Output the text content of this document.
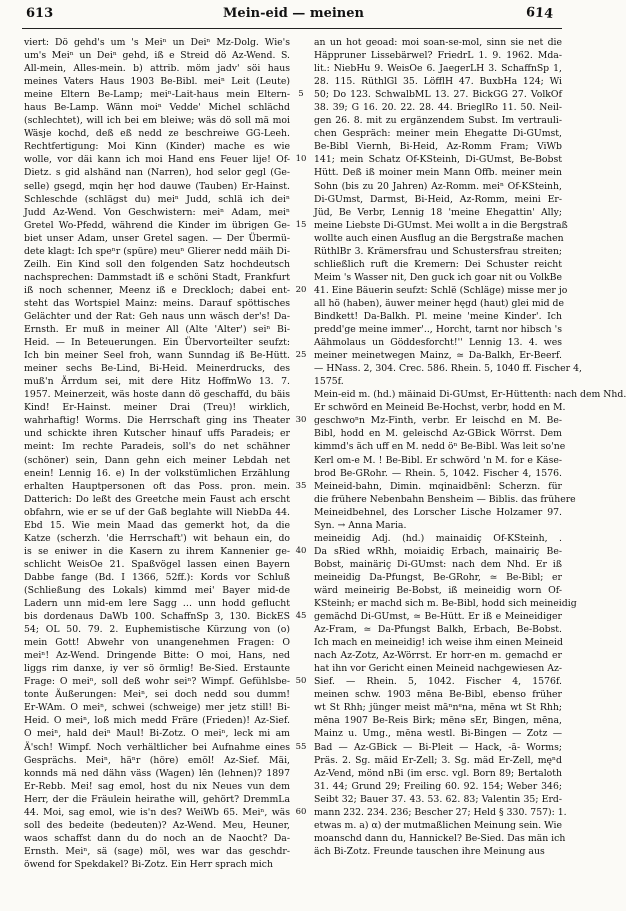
613	Mein-eid — meinen	614
viert: Dö gehd's um 's Meiⁿ un Deiⁿ Mz-Dolg. Wie's
um's Meiⁿ un Deiⁿ gehd, iß e Streid dö Az-Wend. S.
All-mein, Alles-mein. b) attrib. möm jadv' söi haus
meines Vaters Haus 1903 Be-Bibl. meiⁿ Leit (Leute)
meine Eltern Be-Lamp; meiⁿ-Lait-haus mein Eltern-
haus Be-Lamp. Wänn moiⁿ Vedde' Michel schlächd
(schlechtet), will ich bei em bleiwe; wäs dö soll mä moi
Wäsje kochd, deß eß nedd ze beschreiwe GG-Leeh.
Rechtfertigung: Moi Kinn (Kinder) mache es wie
wolle, vor däi kann ich moi Hand ens Feuer lije! Of-
Dietz. s gid alshänd nan (Narren), hod selor gegl (Ge-
selle) gsegd, mqin hęr hod dauwe (Tauben) Er-Hainst.
Schleschde (schlägst du) meiⁿ Judd, schlä ich deiⁿ
Judd Az-Wend. Von Geschwistern: meiⁿ Adam, meiⁿ
Gretel Wo-Pfedd, während die Kinder im übrigen Ge-
biet unser Adam, unser Gretel sagen. — Der Übermü-
dete klagt: Ich speⁿr (spüre) meuⁿ Glierer nedd mäih Di-
Zeilh. Ein Kind soll den folgenden Satz hochdeutsch
nachsprechen: Dammstadt iß e schöni Stadt, Frankfurt
iß noch schenner, Meenz iß e Dreckloch; dabei ent-
steht das Wortspiel Mainz: meins. Darauf spöttisches
Gelächter und der Rat: Geh naus unn wäsch der's! Da-
Ernsth. Er muß in meiner All (Alte 'Alter') seiⁿ Bi-
Heid. — In Beteuerungen. Ein Übervorteilter seufzt:
Ich bin meiner Seel froh, wann Sunndag iß Be-Hütt.
meiner sechs Be-Lind, Bi-Heid. Meinerdrucks, des
muß'n Ärrdum sei, mit dere Hitz HoffmWo 13. 7.
1957. Meinerzeit, wäs hoste dann dö geschaffd, du bäis
Kind! Er-Hainst. meiner Drai (Treu)! wirklich,
wahrhaftig! Worms. Die Herrschaft ging ins Theater
und schickte ihren Kutscher hinauf uffs Paradeis; er
meint: Im rechte Paradeis, soll's do net schähner
(schöner) sein, Dann gehn eich meiner Lebdah net
enein! Lennig 16. e) In der volkstümlichen Erzählung
erhalten Hauptpersonen oft das Poss. pron. mein.
Datterich: Do leßt des Greetche mein Faust ach erscht
obfahrn, wie er se uf der Gaß beglahte will NiebDa 44.
Ebd 15. Wie mein Maad das gemerkt hot, da die
Katze (scherzh. 'die Herrschaft') wit behaun ein, do
is se eniwer in die Kasern zu ihrem Kannenier ge-
schlicht WeisOe 21. Spaßvögel lassen einen Bayern
Dabbe fange (Bd. I 1366, 52ff.): Kords vor Schluß
(Schließung des Lokals) kimmd mei' Bayer mid-de
Ladern unn mid-em lere Sagg … unn hodd geflucht
bis dordenaus DaWb 100. SchaffnSp 3, 130. BickES
54; OL 50. 79. 2. Euphemistische Kürzung von (o)
mein Gott! Abwehr von unangenehmen Fragen: O
meiⁿ! Az-Wend. Dringende Bitte: O moi, Hans, ned
liggs rim danxe, iy ver sö örmlig! Be-Sied. Erstaunte
Frage: O meiⁿ, soll deß wohr seiⁿ? Wimpf. Gefühlsbe-
tonte Äußerungen: Meiⁿ, sei doch nedd sou dumm!
Er-WAm. O meiⁿ, schwei (schweige) mer jetz still! Bi-
Heid. O meiⁿ, loß mich medd Fräre (Frieden)! Az-Sief.
O meiⁿ, hald deiⁿ Maul! Bi-Zotz. O meiⁿ, leck mi am
Ä'sch! Wimpf. Noch verhältlicher bei Aufnahme eines
Gesprächs. Meiⁿ, häⁿr (höre) emöl! Az-Sief. Mäi,
konnds mä ned dähn väss (Wagen) lēn (lehnen)? 1897
Er-Rebb. Mei! sag emol, host du nix Neues vun dem
Herr, der die Fräulein heirathe will, gehört? DremmLa
44. Moi, sag emol, wie is'n des? WeiWb 65. Meiⁿ, wäs
soll des bedeite (bedeuten)? Az-Wend. Meu, Heuner,
waos schaffst dann du do noch an de Naocht? Da-
Ernsth. Meiⁿ, sä (sage) möl, wes war das geschdr-
öwend for Spekdakel? Bi-Zotz. Ein Herr sprach mich
5
10
15
20
25
30
35
40
45
50
55
60
an un hot geoad: moi soan-se-mol, sinn sie net die
Häppruner Lissebärwel? FriedrL 1. 9. 1962. Mda-
lit.: NiebHu 9. WeisOe 6. JaegerLH 3. SchaffnSp 1,
28. 115. RüthlGl 35. LöfflH 47. BuxbHa 124; Wi
50; Do 123. SchwalbML 13. 27. BickGG 27. VolkOf
38. 39; G 16. 20. 22. 28. 44. BrieglRo 11. 50. Neil-
gen 26. 8. mit zu ergänzendem Subst. Im vertrauli-
chen Gespräch: meiner mein Ehegatte Di-GUmst,
Be-Bibl Viernh, Bi-Heid, Az-Romm Fram; ViWb
141; mein Schatz Of-KSteinh, Di-GUmst, Be-Bobst
Hütt. Deß iß moiner mein Mann Offb. meiner mein
Sohn (bis zu 20 Jahren) Az-Romm. meiⁿ Of-KSteinh,
Di-GUmst, Darmst, Bi-Heid, Az-Romm, meini Er-
Jüd, Be Verbr, Lennig 18 'meine Ehegattin' Ally;
meine Liebste Di-GUmst. Mei wollt a in die Bergstraß
wollte auch einen Ausflug an die Bergstraße machen
RüthlBr 3. Krämersfrau und Schustersfrau streiten;
schließlich ruft die Kremern: Dei Schuster reicht
Meim 's Wasser nit, Den guck ich goar nit ou VolkBe
41. Eine Bäuerin seufzt: Schlë (Schläge) misse mer jo
all hö (haben), äuwer meiner hęgd (haut) glei mid de
Bindkett! Da-Balkh. Pl. meine 'meine Kinder'. Ich
predd'ge meine immer'.., Horcht, tarnt nor hibsch 's
Aähmolaus un Göddesforcht!'' Lennig 13. 4. wes
meiner meinetwegen Mainz, ≃ Da-Balkh, Er-Beerf.
— HNass. 2, 304. Crec. 586. Rhein. 5, 1040 ff. Fischer 4,
1575f.
Mein-eid m. (hd.) mäinaid Di-GUmst, Er-Hüttenth: nach dem Nhd.
Er schwörd en Meineid Be-Hochst, verbr, hodd en M.
geschwoⁿn Mz-Finth, verbr. Er leischd en M. Be-
Bibl, hodd en M. geleischd Az-GBick Wörrst. Dem
kimmd's äch uff en M. nedd öⁿ Be-Bibl. Was leit so'ne
Kerl om-e M. ! Be-Bibl. Er schwörd 'n M. for e Käse-
brod Be-GRohr. — Rhein. 5, 1042. Fischer 4, 1576.
Meineid-bahn, Dimin. mqinaidbënl: Scherzn. für
die frühere Nebenbahn Bensheim — Biblis. das frühere
Meineidbehnel, des Lorscher Lische Holzamer 97.
Syn. → Anna Maria.
meineidig Adj. (hd.) mainaidiç Of-KSteinh, .
Da sRied wRhh, moiaidiç Erbach, mainairiç Be-
Bobst, mainäriç Di-GUmst: nach dem Nhd. Er iß
meineidig Da-Pfungst, Be-GRohr, ≃ Be-Bibl; er
wärd meineirig Be-Bobst, iß meineidig worn Of-
KSteinh; er machd sich m. Be-Bibl, hodd sich meineidig
gemächd Di-GUmst, ≃ Be-Hütt. Er iß e Meineidiger
Az-Fram, ≃ Da-Pfungst Balkh, Erbach, Be-Bobst.
Ich mach en meineidig! ich weise ihm einen Meineid
nach Az-Zotz, Az-Wörrst. Er horr-en m. gemachd er
hat ihn vor Gericht einen Meineid nachgewiesen Az-
Sief. — Rhein. 5, 1042. Fischer 4, 1576f.
meinen schw. 1903 mēna Be-Bibl, ebenso früher
wt St Rhh; jünger meist māⁿnᵉna, mēna wt St Rhh;
mēna 1907 Be-Reis Birk; mēnə sEr, Bingen, mēna,
Mainz u. Umg., mēna westl. Bi-Bingen — Zotz —
Bad — Az-GBick — Bi-Pleit — Hack, -ā- Worms;
Präs. 2. Sg. mäid Er-Zell; 3. Sg. mäd Er-Zell, męⁿd
Az-Vend, mönd nBi (im ersc. vgl. Born 89; Bertaloth
31. 44; Grund 29; Freiling 60. 92. 154; Weber 346;
Seibt 32; Bauer 37. 43. 53. 62. 83; Valentin 35; Erd-
mann 232. 234. 236; Bescher 27; Held § 330. 757): 1.
etwas m. a) α) der mutmaßlichen Meinung sein. Wie
moanschd dann du, Hannickel? Be-Sied. Das män ich
äch Bi-Zotz. Freunde tauschen ihre Meinung aus
